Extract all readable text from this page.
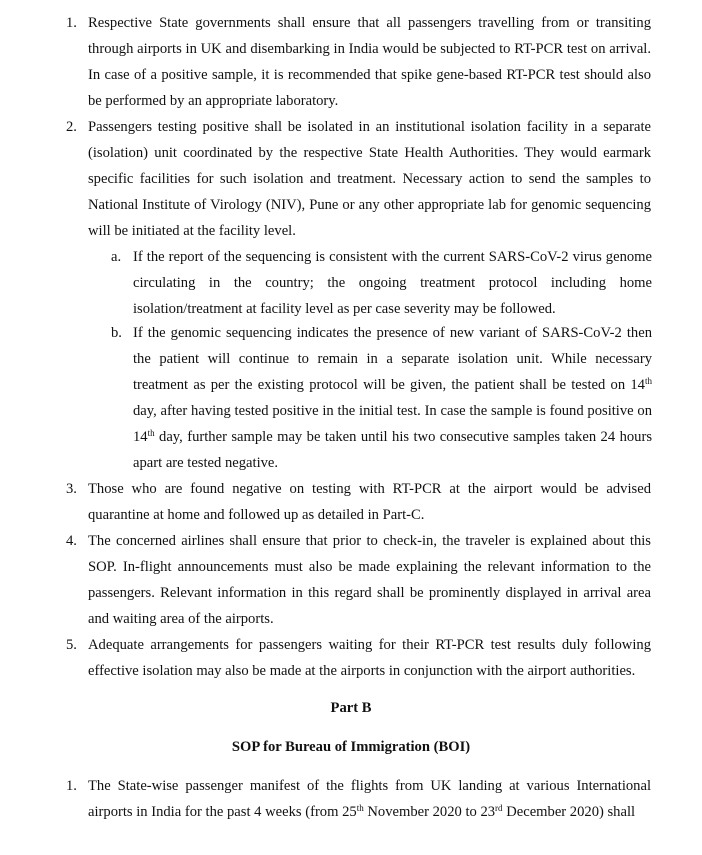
1. Respective State governments shall ensure that all passengers travelling from or transiting through airports in UK and disembarking in India would be subjected to RT-PCR test on arrival. In case of a positive sample, it is recommended that spike gene-based RT-PCR test should also be performed by an appropriate laboratory.
2. Passengers testing positive shall be isolated in an institutional isolation facility in a separate (isolation) unit coordinated by the respective State Health Authorities. They would earmark specific facilities for such isolation and treatment. Necessary action to send the samples to National Institute of Virology (NIV), Pune or any other appropriate lab for genomic sequencing will be initiated at the facility level.
a. If the report of the sequencing is consistent with the current SARS-CoV-2 virus genome circulating in the country; the ongoing treatment protocol including home isolation/treatment at facility level as per case severity may be followed.
b. If the genomic sequencing indicates the presence of new variant of SARS-CoV-2 then the patient will continue to remain in a separate isolation unit. While necessary treatment as per the existing protocol will be given, the patient shall be tested on 14th day, after having tested positive in the initial test. In case the sample is found positive on 14th day, further sample may be taken until his two consecutive samples taken 24 hours apart are tested negative.
3. Those who are found negative on testing with RT-PCR at the airport would be advised quarantine at home and followed up as detailed in Part-C.
4. The concerned airlines shall ensure that prior to check-in, the traveler is explained about this SOP. In-flight announcements must also be made explaining the relevant information to the passengers. Relevant information in this regard shall be prominently displayed in arrival area and waiting area of the airports.
5. Adequate arrangements for passengers waiting for their RT-PCR test results duly following effective isolation may also be made at the airports in conjunction with the airport authorities.
Part B
SOP for Bureau of Immigration (BOI)
1. The State-wise passenger manifest of the flights from UK landing at various International airports in India for the past 4 weeks (from 25th November 2020 to 23rd December 2020) shall
